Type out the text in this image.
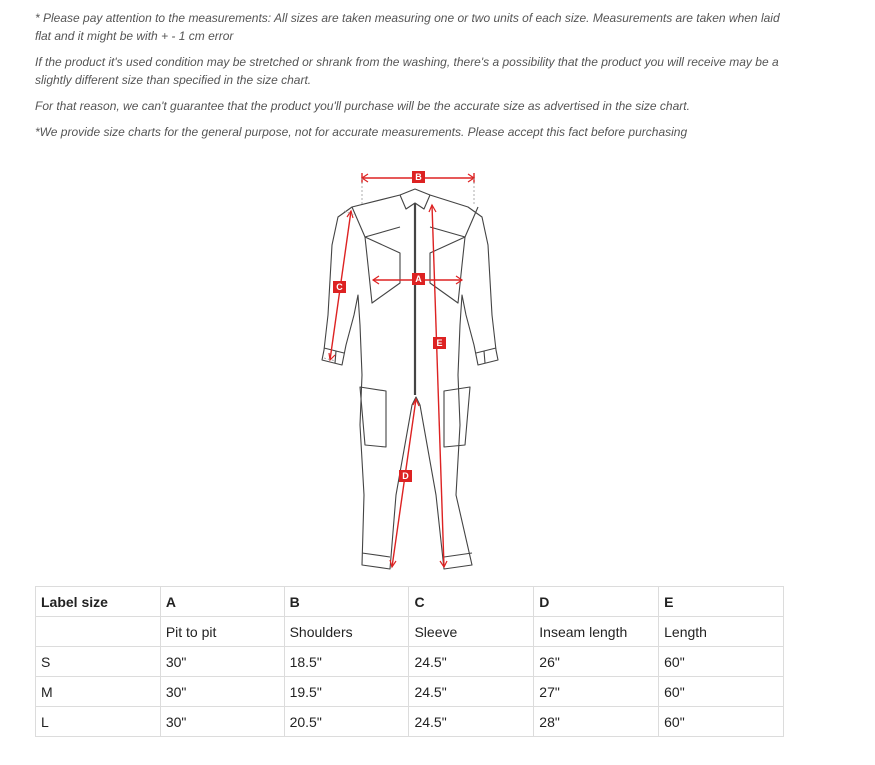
* Please pay attention to the measurements: All sizes are taken measuring one or two units of each size. Measurements are taken when laid flat and it might be with + - 1 cm error

If the product it's used condition may be stretched or shrank from the washing, there's a possibility that the product you will receive may be a slightly different size than specified in the size chart.

For that reason, we can't guarantee that the product you'll purchase will be the accurate size as advertised in the size chart.

*We provide size charts for the general purpose, not for accurate measurements. Please accept this fact before purchasing

B
A
C
E
D
Label size	A	B	C	D	E
	Pit to pit	Shoulders	Sleeve	Inseam length	Length
S	30"	18.5"	24.5"	26"	60"
M	30"	19.5"	24.5"	27"	60"
L	30"	20.5"	24.5"	28"	60"
